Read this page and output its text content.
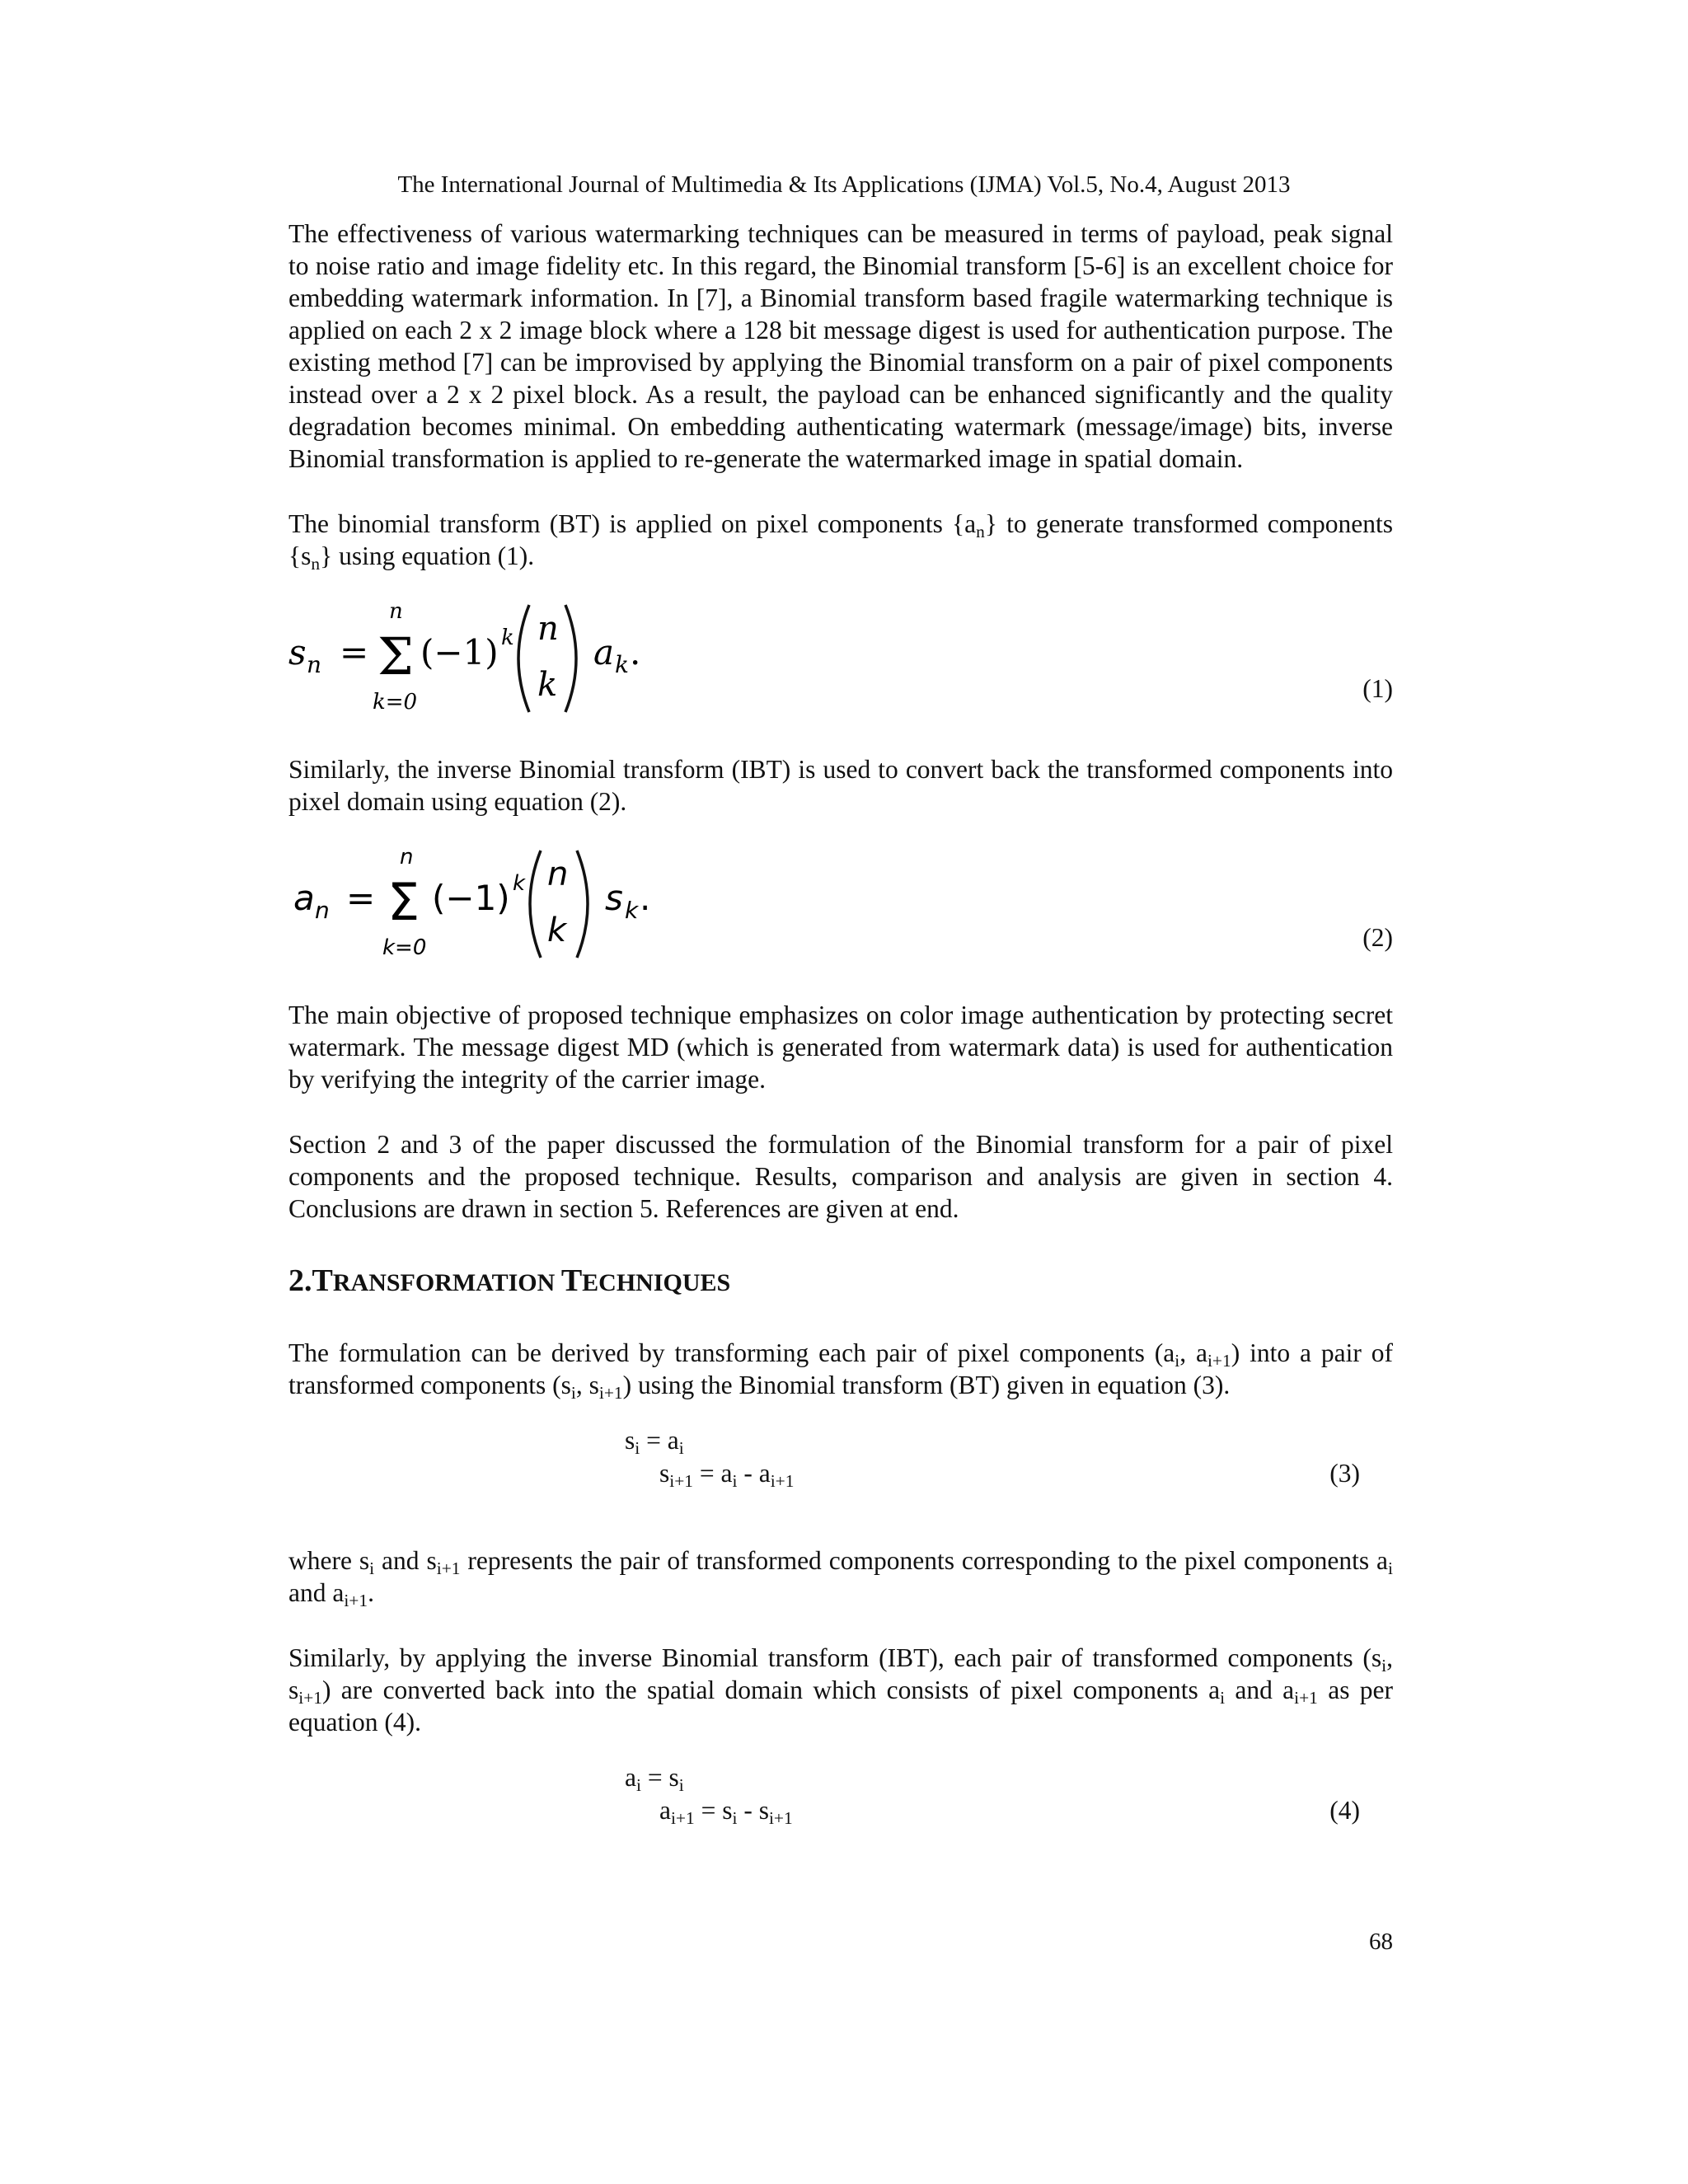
The International Journal of Multimedia & Its Applications (IJMA) Vol.5, No.4, August 2013

The effectiveness of various watermarking techniques can be measured in terms of payload, peak signal to noise ratio and image fidelity etc. In this regard, the Binomial transform [5-6] is an excellent choice for embedding watermark information. In [7], a Binomial transform based fragile watermarking technique is applied on each 2 x 2 image block where a 128 bit message digest is used for authentication purpose. The existing method [7] can be improvised by applying the Binomial transform on a pair of pixel components instead over a 2 x 2 pixel block. As a result, the payload can be enhanced significantly and the quality degradation becomes minimal. On embedding authenticating watermark (message/image) bits, inverse Binomial transformation is applied to re-generate the watermarked image in spatial domain.

The binomial transform (BT) is applied on pixel components $\{a_n\}$ to generate transformed components $\{s_n\}$ using equation (1).

s n =
n
Σ
k=0
(−1) k n
k
a k .
(1)

Similarly, the inverse Binomial transform (IBT) is used to convert back the transformed components into pixel domain using equation (2).

a n =
n
Σ
k=0
(−1) k n
k
s k .
(2)

The main objective of proposed technique emphasizes on color image authentication by protecting secret watermark. The message digest MD (which is generated from watermark data) is used for authentication by verifying the integrity of the carrier image.

Section 2 and 3 of the paper discussed the formulation of the Binomial transform for a pair of pixel components and the proposed technique. Results, comparison and analysis are given in section 4. Conclusions are drawn in section 5. References are given at end.

2.TRANSFORMATION TECHNIQUES

The formulation can be derived by transforming each pair of pixel components ($a_i$, $a_{i+1}$) into a pair of transformed components ($s_i$, $s_{i+1}$) using the Binomial transform (BT) given in equation (3).

$s_i = a_i$
$s_{i+1} = a_i - a_{i+1}$	(3)

where $s_i$ and $s_{i+1}$ represents the pair of transformed components corresponding to the pixel components $a_i$ and $a_{i+1}$.

Similarly, by applying the inverse Binomial transform (IBT), each pair of transformed components ($s_i$, $s_{i+1}$) are converted back into the spatial domain which consists of pixel components $a_i$ and $a_{i+1}$ as per equation (4).

$a_i = s_i$
$a_{i+1} = s_i - s_{i+1}$	(4)
68
